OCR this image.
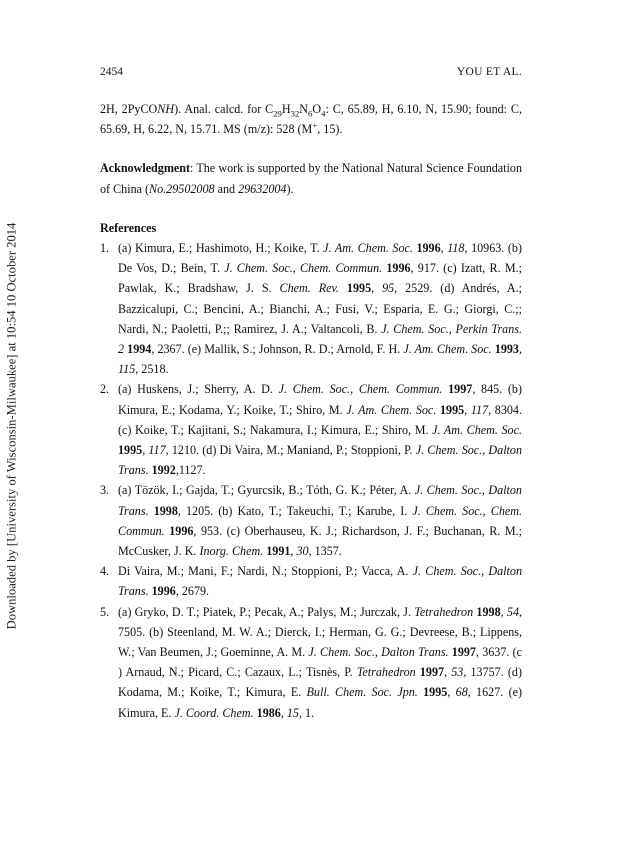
Downloaded by [University of Wisconsin-Milwaukee] at 10:54 10 October 2014
2454	YOU ET AL.

2H, 2PyCONH). Anal. calcd. for $C_{29}H_{32}N_6O_4$: C, 65.89, H, 6.10, N, 15.90; found: C, 65.69, H, 6.22, N, 15.71. MS (m/z): 528 (M+, 15).

Acknowledgment: The work is supported by the National Natural Science Foundation of China (No.29502008 and 29632004).

References

1. (a) Kimura, E.; Hashimoto, H.; Koike, T. J. Am. Chem. Soc. 1996, 118, 10963. (b) De Vos, D.; Bein, T. J. Chem. Soc., Chem. Commun. 1996, 917. (c) Izatt, R. M.; Pawlak, K.; Bradshaw, J. S. Chem. Rev. 1995, 95, 2529. (d) Andrés, A.; Bazzicalupi, C.; Bencini, A.; Bianchi, A.; Fusi, V.; Esparia, E. G.; Giorgi, C.;; Nardi, N.; Paoletti, P.;; Ramirez, J. A.; Valtancoli, B. J. Chem. Soc., Perkin Trans. 2 1994, 2367. (e) Mallik, S.; Johnson, R. D.; Arnold, F. H. J. Am. Chem. Soc. 1993, 115, 2518.
2. (a) Huskens, J.; Sherry, A. D. J. Chem. Soc., Chem. Commun. 1997, 845. (b) Kimura, E.; Kodama, Y.; Koike, T.; Shiro, M. J. Am. Chem. Soc. 1995, 117, 8304. (c) Koike, T.; Kajitani, S.; Nakamura, I.; Kimura, E.; Shiro, M. J. Am. Chem. Soc. 1995, 117, 1210. (d) Di Vaira, M.; Maniand, P.; Stoppioni, P. J. Chem. Soc., Dalton Trans. 1992,1127.
3. (a) Tözök, I.; Gajda, T.; Gyurcsik, B.; Tóth, G. K.; Péter, A. J. Chem. Soc., Dalton Trans. 1998, 1205. (b) Kato, T.; Takeuchi, T.; Karube, I. J. Chem. Soc., Chem. Commun. 1996, 953. (c) Oberhauseu, K. J.; Richardson, J. F.; Buchanan, R. M.; McCusker, J. K. Inorg. Chem. 1991, 30, 1357.
4. Di Vaira, M.; Mani, F.; Nardi, N.; Stoppioni, P.; Vacca, A. J. Chem. Soc., Dalton Trans. 1996, 2679.
5. (a) Gryko, D. T.; Piatek, P.; Pecak, A.; Palys, M.; Jurczak, J. Tetrahedron 1998, 54, 7505. (b) Steenland, M. W. A.; Dierck, I.; Herman, G. G.; Devreese, B.; Lippens, W.; Van Beumen, J.; Goeminne, A. M. J. Chem. Soc., Dalton Trans. 1997, 3637. (c ) Arnaud, N.; Picard, C.; Cazaux, L.; Tisnès, P. Tetrahedron 1997, 53, 13757. (d) Kodama, M.; Koike, T.; Kimura, E. Bull. Chem. Soc. Jpn. 1995, 68, 1627. (e) Kimura, E. J. Coord. Chem. 1986, 15, 1.
